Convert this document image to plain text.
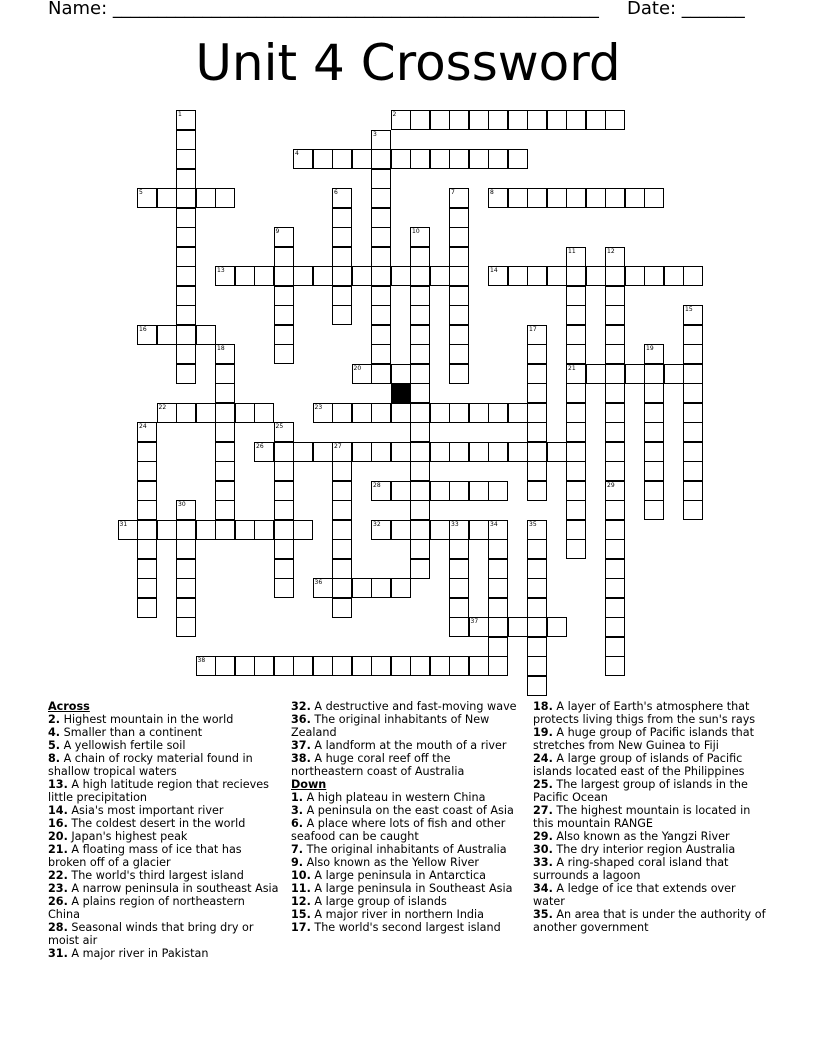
Name: ______________________________________________________ Date: _______
Unit 4 Crossword
1	2
3
4
5	6	7	8
9	10
11
21
12
29
13	14
15
16	17
18	19
20
22	23
24	25
26	27
28
30
31	32	33	34	35
36
37
38
Across
2. Highest mountain in the world
4. Smaller than a continent
5. A yellowish fertile soil
8. A chain of rocky material found in shallow tropical waters
13. A high latitude region that recieves little precipitation
14. Asia's most important river
16. The coldest desert in the world
20. Japan's highest peak
21. A floating mass of ice that has broken off of a glacier
22. The world's third largest island
23. A narrow peninsula in southeast Asia
26. A plains region of northeastern China
28. Seasonal winds that bring dry or moist air
31. A major river in Pakistan
32. A destructive and fast-moving wave
36. The original inhabitants of New Zealand
37. A landform at the mouth of a river
38. A huge coral reef off the northeastern coast of Australia
Down
1. A high plateau in western China
3. A peninsula on the east coast of Asia
6. A place where lots of fish and other seafood can be caught
7. The original inhabitants of Australia
9. Also known as the Yellow River
10. A large peninsula in Antarctica
11. A large peninsula in Southeast Asia
12. A large group of islands
15. A major river in northern India
17. The world's second largest island
18. A layer of Earth's atmosphere that protects living thigs from the sun's rays
19. A huge group of Pacific islands that stretches from New Guinea to Fiji
24. A large group of islands of Pacific islands located east of the Philippines
25. The largest group of islands in the Pacific Ocean
27. The highest mountain is located in this mountain RANGE
29. Also known as the Yangzi River
30. The dry interior region Australia
33. A ring-shaped coral island that surrounds a lagoon
34. A ledge of ice that extends over water
35. An area that is under the authority of another government
